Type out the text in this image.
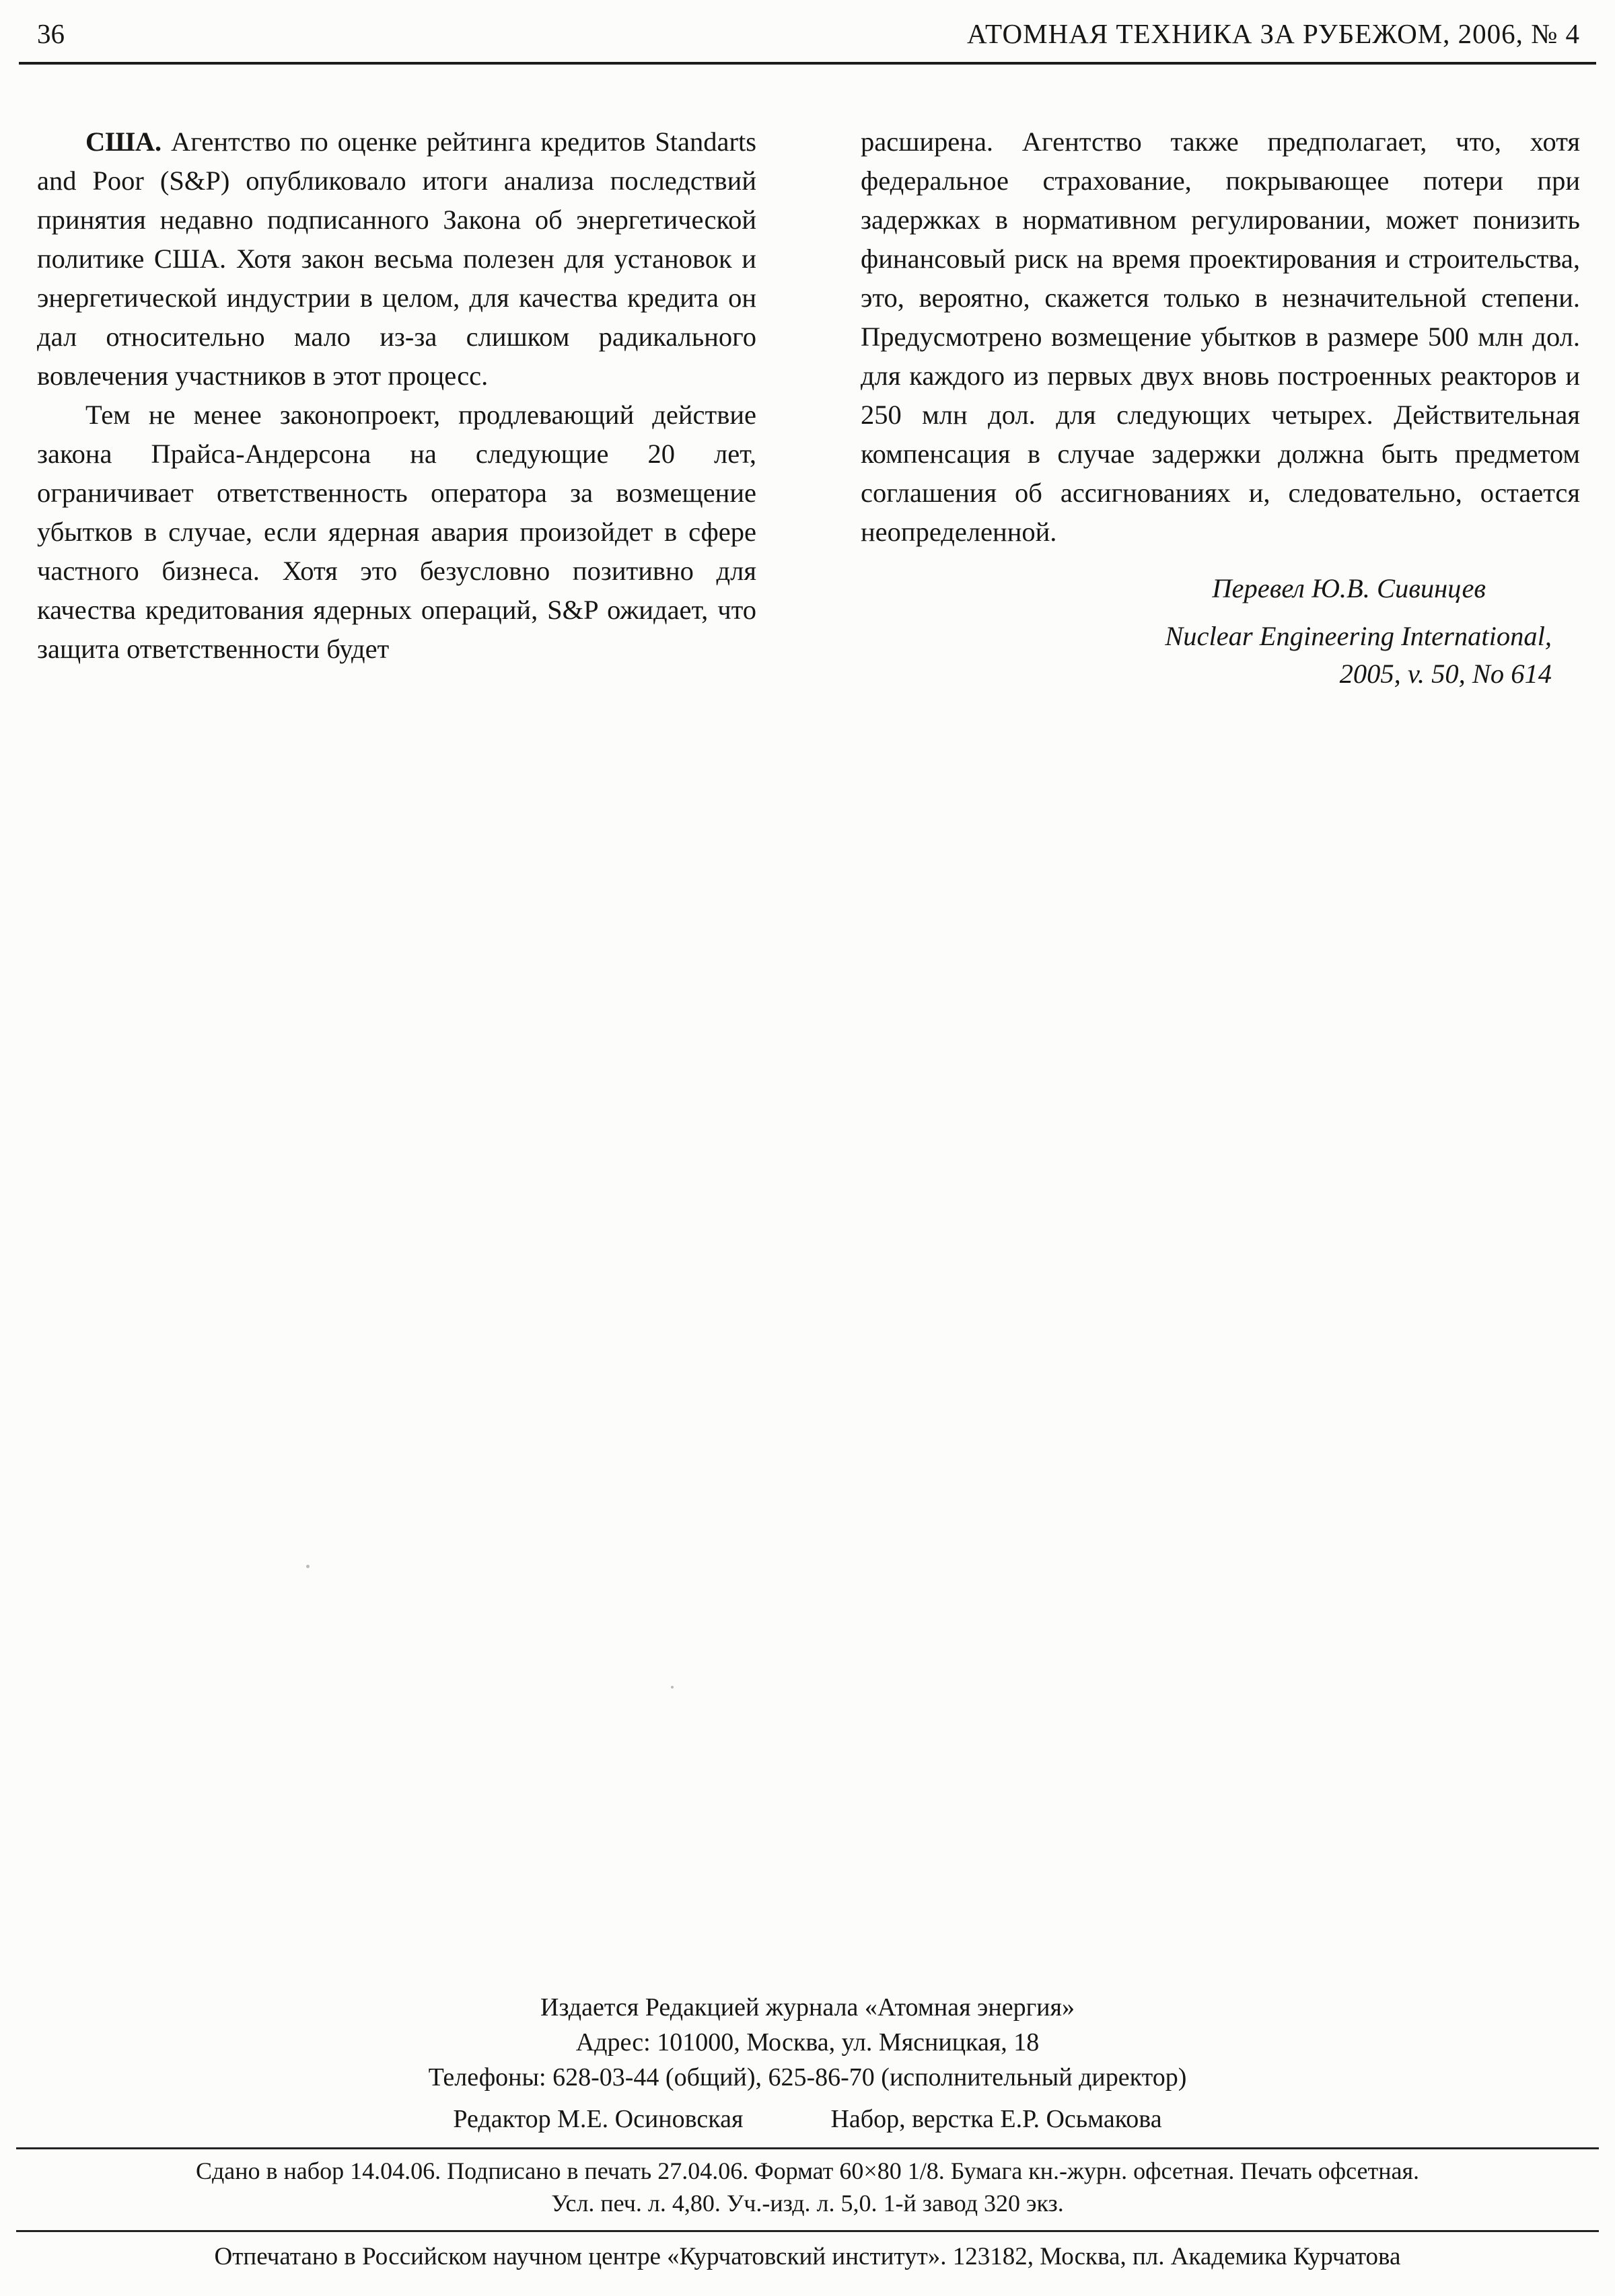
36	АТОМНАЯ ТЕХНИКА ЗА РУБЕЖОМ, 2006, № 4

США. Агентство по оценке рейтинга кредитов Standarts and Poor (S&P) опубликовало итоги анализа последствий принятия недавно подписанного Закона об энергетической политике США. Хотя закон весьма полезен для установок и энергетической индустрии в целом, для качества кредита он дал относительно мало из-за слишком радикального вовлечения участников в этот процесс.

Тем не менее законопроект, продлевающий действие закона Прайса-Андерсона на следующие 20 лет, ограничивает ответственность оператора за возмещение убытков в случае, если ядерная авария произойдет в сфере частного бизнеса. Хотя это безусловно позитивно для качества кредитования ядерных операций, S&P ожидает, что защита ответственности будет

расширена. Агентство также предполагает, что, хотя федеральное страхование, покрывающее потери при задержках в нормативном регулировании, может понизить финансовый риск на время проектирования и строительства, это, вероятно, скажется только в незначительной степени. Предусмотрено возмещение убытков в размере 500 млн дол. для каждого из первых двух вновь построенных реакторов и 250 млн дол. для следующих четырех. Действительная компенсация в случае задержки должна быть предметом соглашения об ассигнованиях и, следовательно, остается неопределенной.

Перевел Ю.В. Сивинцев

Nuclear Engineering International,
2005, v. 50, No 614

Издается Редакцией журнала «Атомная энергия»
Адрес: 101000, Москва, ул. Мясницкая, 18
Телефоны: 628-03-44 (общий), 625-86-70 (исполнительный директор)
Редактор М.Е. Осиновская	Набор, верстка Е.Р. Осьмакова
Сдано в набор 14.04.06. Подписано в печать 27.04.06. Формат 60×80 1/8. Бумага кн.-журн. офсетная. Печать офсетная.
Усл. печ. л. 4,80. Уч.-изд. л. 5,0. 1-й завод 320 экз.
Отпечатано в Российском научном центре «Курчатовский институт». 123182, Москва, пл. Академика Курчатова
